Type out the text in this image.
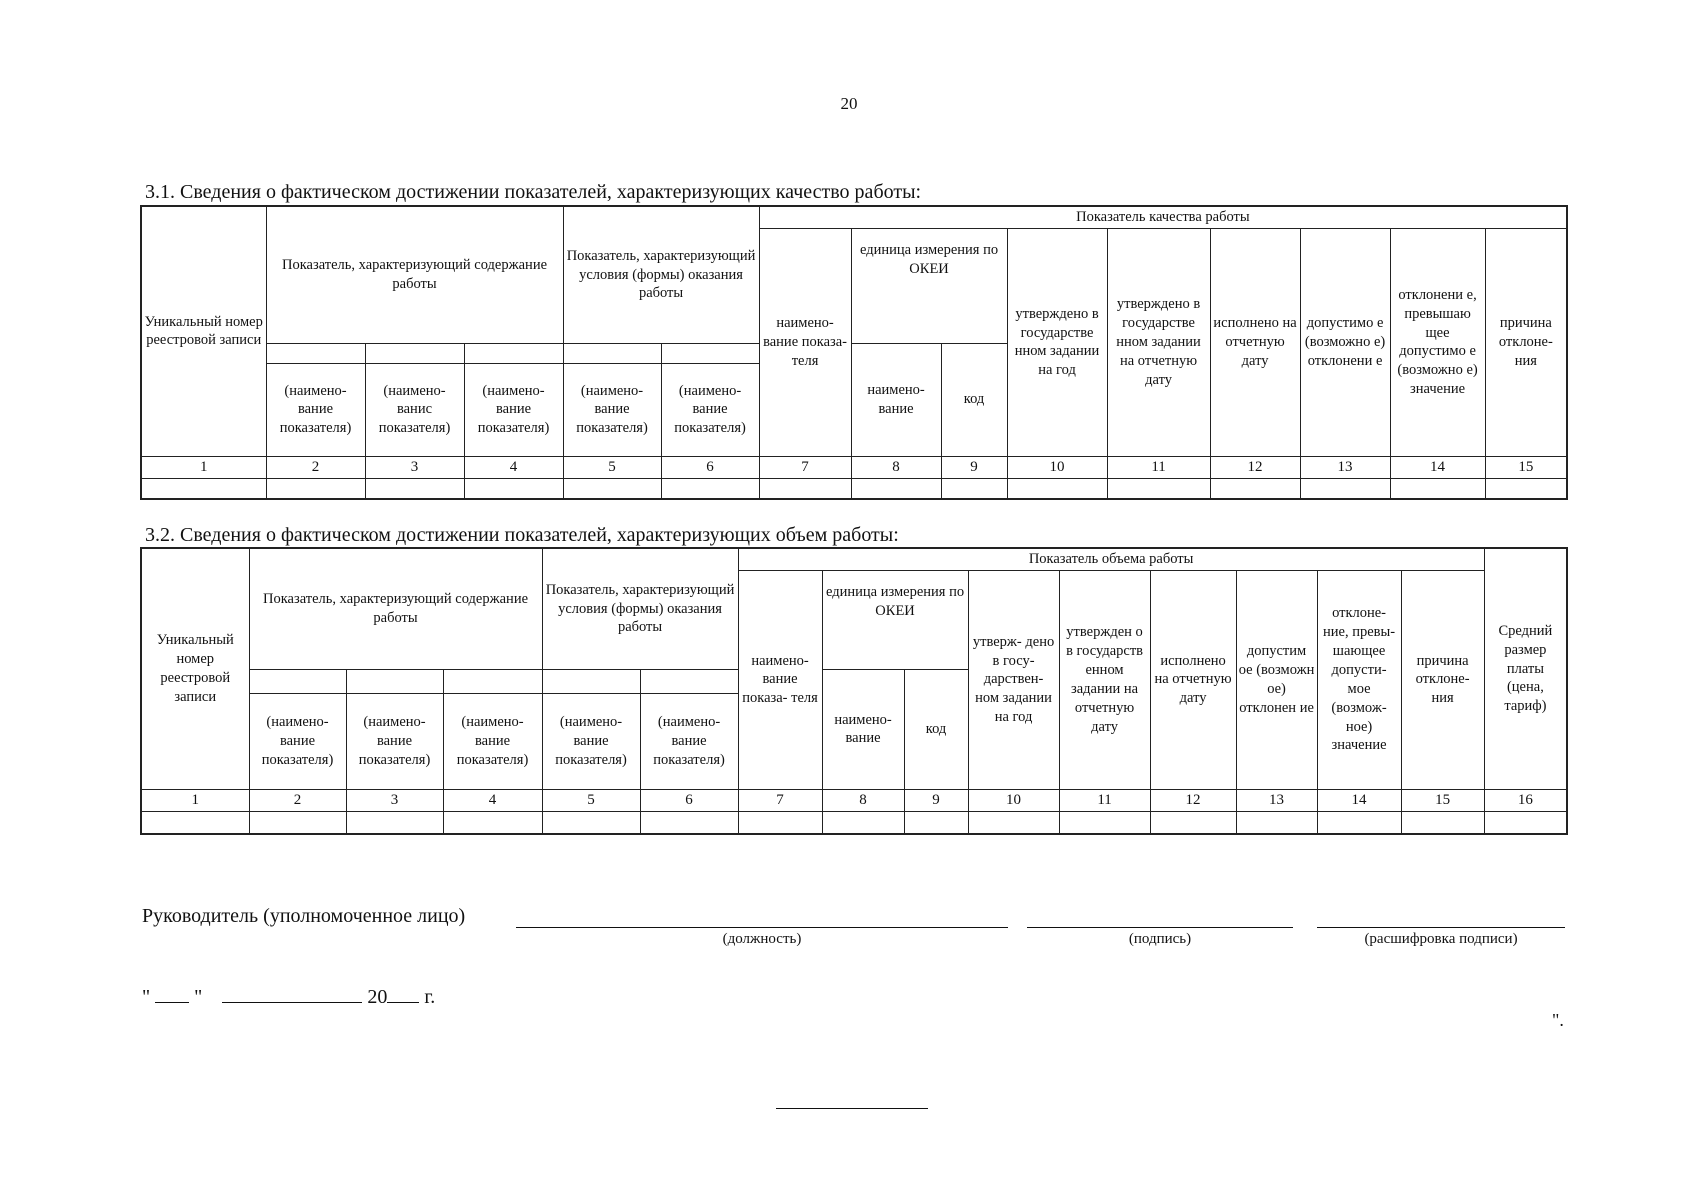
20
3.1. Сведения о фактическом достижении показателей, характеризующих качество работы:
Уникальный номер реестровой записи	Показатель, характеризующий содержание работы			Показатель, характеризующий условия (формы) оказания работы		Показатель качества работы								
						наимено- вание показа- теля	единица измерения по ОКЕИ		утверждено в государстве нном задании на год	утверждено в государстве нном задании на отчетную дату	исполнено на отчетную дату	допустимо е (возможно е) отклонени е	отклонени е, превышаю щее допустимо е (возможно е) значение	причина отклоне- ния
							наимено- вание	код						
	(наимено- вание показателя)	(наимено- ванис показателя)	(наимено- вание показателя)	(наимено- вание показателя)	(наимено- вание показателя)									
1	2	3	4	5	6	7	8	9	10	11	12	13	14	15

3.2. Сведения о фактическом достижении показателей, характеризующих объем работы:
Уникальный номер реестровой записи	Показатель, характеризующий содержание работы			Показатель, характеризующий условия (формы) оказания работы		Показатель объема работы									Средний размер платы (цена, тариф)
						наимено- вание показа- теля	единица измерения по ОКЕИ		утверж- дено в госу- дарствен- ном задании на год	утвержден о в государств енном задании на отчетную дату	исполнено на отчетную дату	допустим ое (возможн ое) отклонен ие	отклоне- ние, превы- шающее допусти- мое (возмож- ное) значение	причина отклоне- ния	
							наимено- вание	код							
	(наимено- вание показателя)	(наимено- вание показателя)	(наимено- вание показателя)	(наимено- вание показателя)	(наимено- вание показателя)										
1	2	3	4	5	6	7	8	9	10	11	12	13	14	15	16

Руководитель (уполномоченное лицо)
(должность)	(подпись)	(расшифровка подписи)
" "	20 г.
".
